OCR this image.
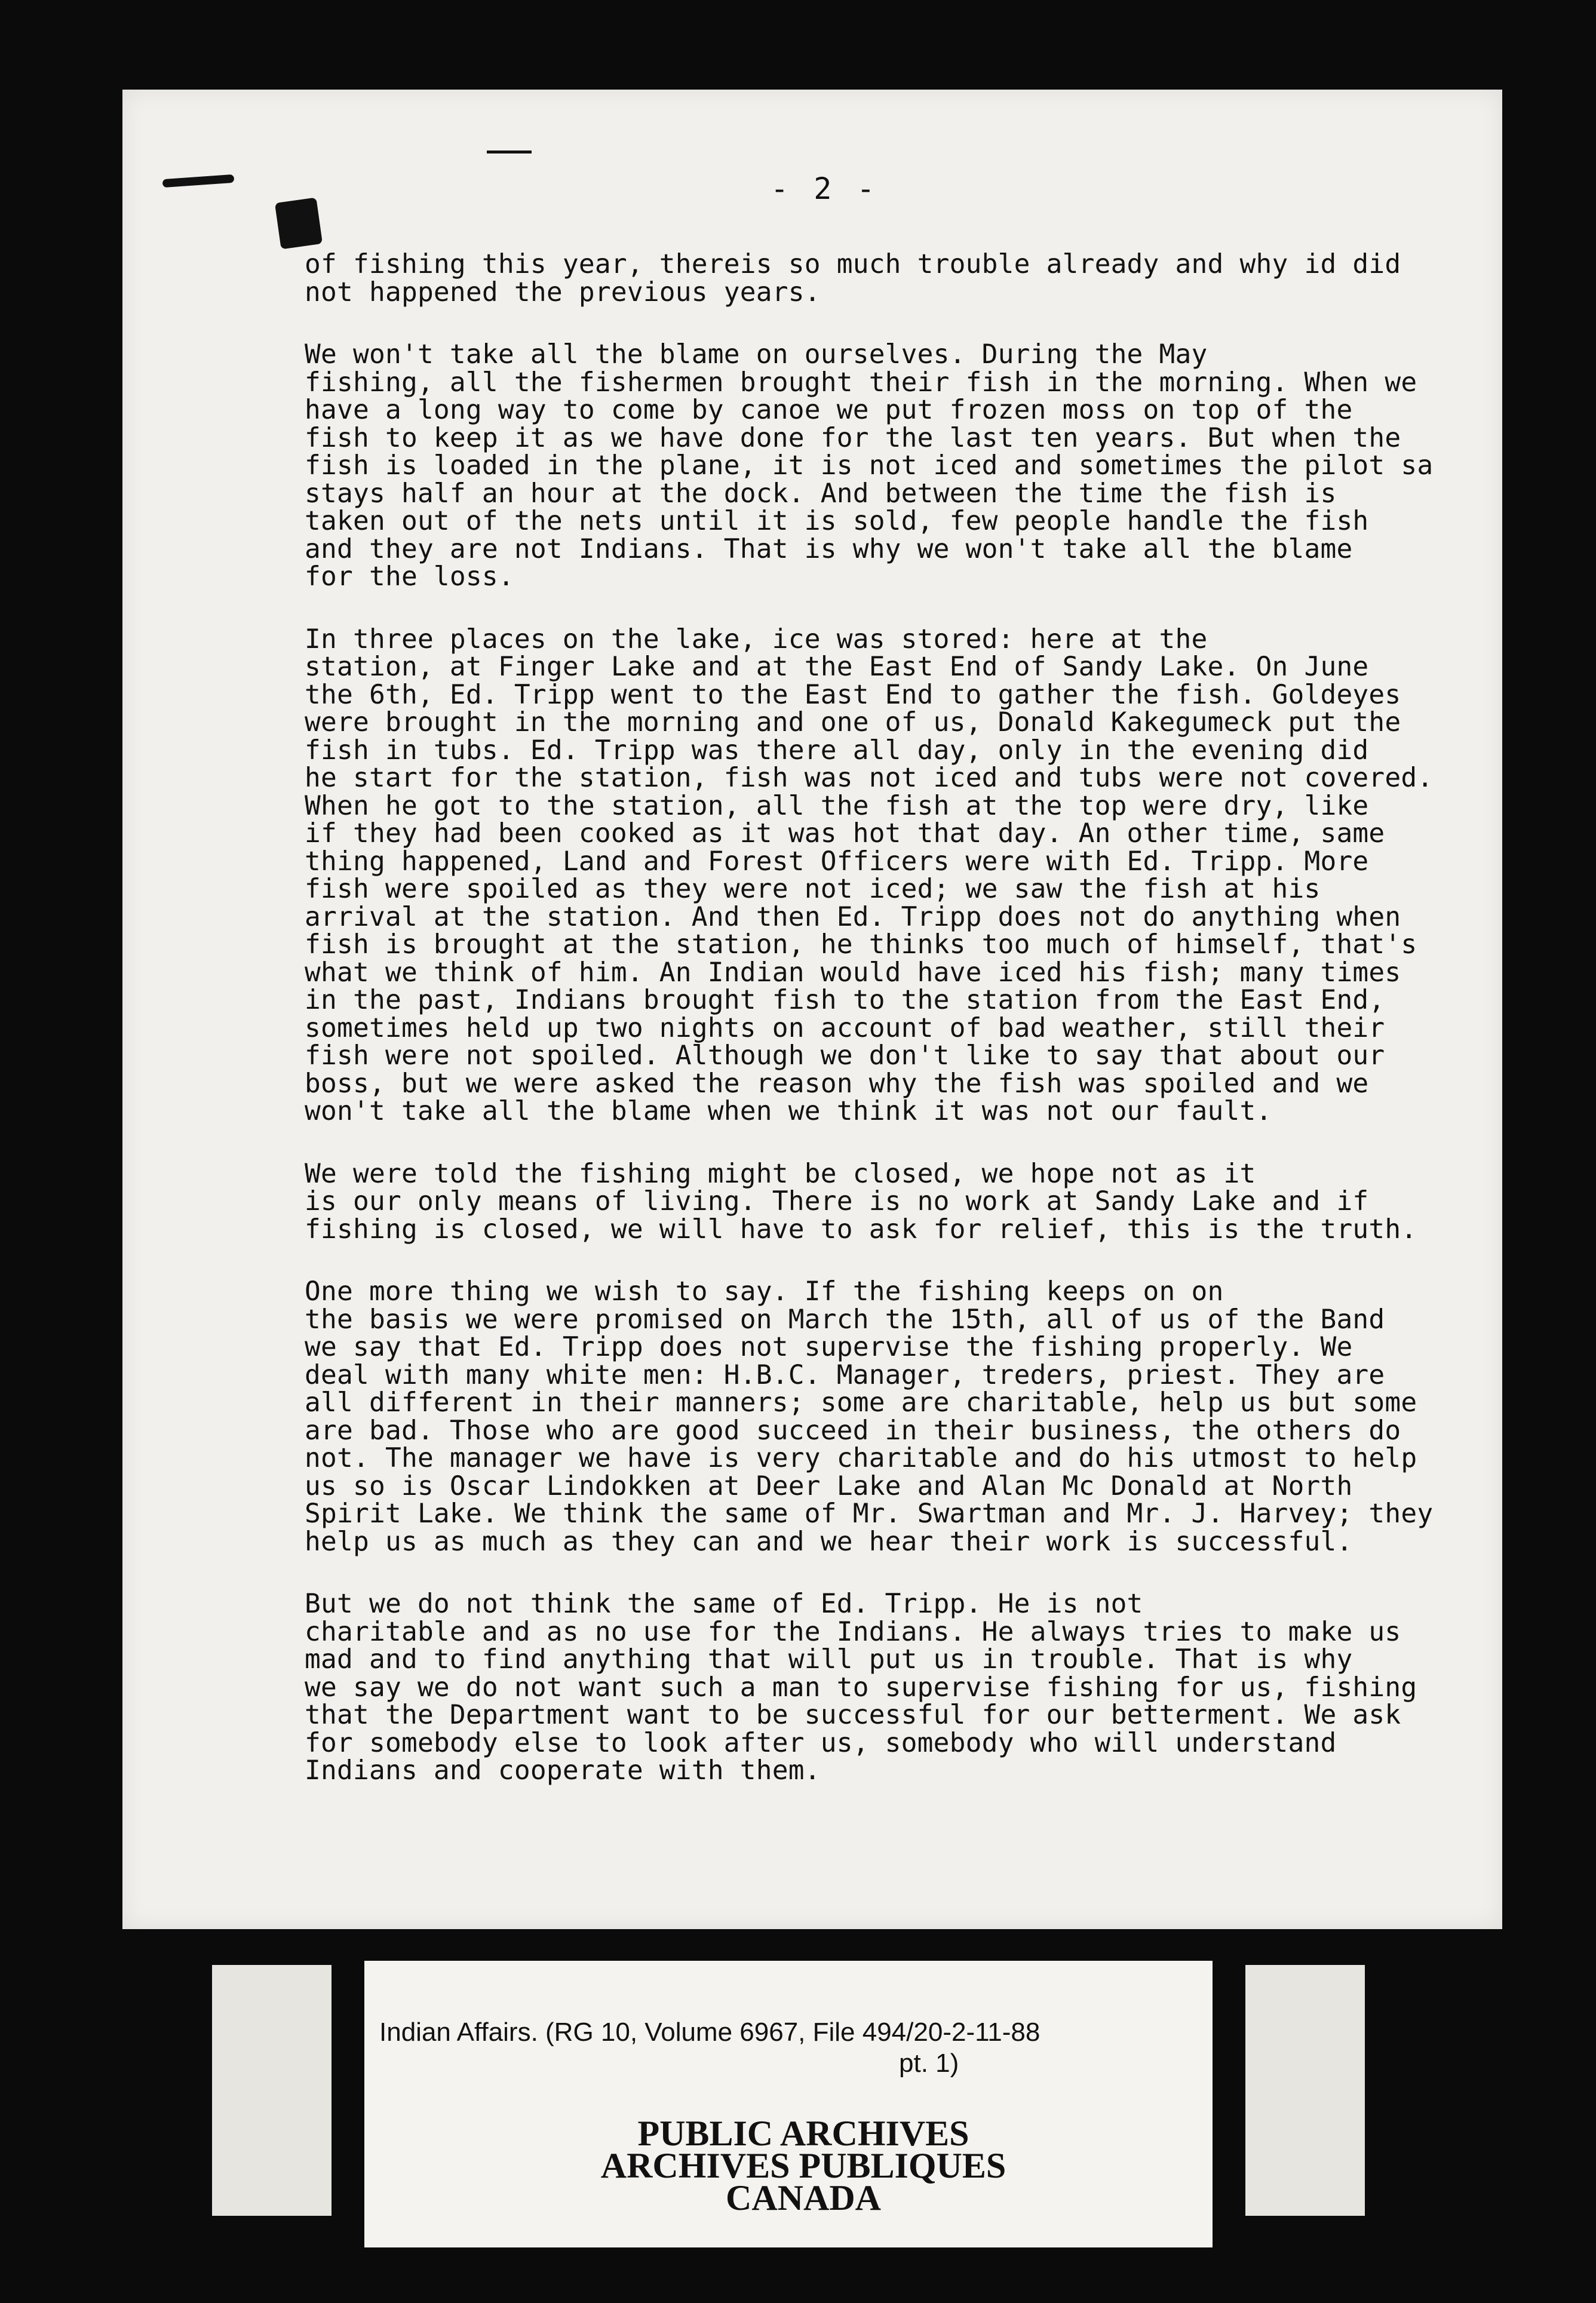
- 2 -

of fishing this year, thereis so much trouble already and why id did
not happened the previous years.

We won't take all the blame on ourselves. During the May
fishing, all the fishermen brought their fish in the morning. When we
have a long way to come by canoe we put frozen moss on top of the
fish to keep it as we have done for the last ten years. But when the
fish is loaded in the plane, it is not iced and sometimes the pilot sa
stays half an hour at the dock. And between the time the fish is
taken out of the nets until it is sold, few people handle the fish
and they are not Indians. That is why we won't take all the blame
for the loss.

In three places on the lake, ice was stored: here at the
station, at Finger Lake and at the East End of Sandy Lake. On June
the 6th, Ed. Tripp went to the East End to gather the fish. Goldeyes
were brought in the morning and one of us, Donald Kakegumeck put the
fish in tubs. Ed. Tripp was there all day, only in the evening did
he start for the station, fish was not iced and tubs were not covered.
When he got to the station, all the fish at the top were dry, like
if they had been cooked as it was hot that day. An other time, same
thing happened, Land and Forest Officers were with Ed. Tripp. More
fish were spoiled as they were not iced; we saw the fish at his
arrival at the station. And then Ed. Tripp does not do anything when
fish is brought at the station, he thinks too much of himself, that's
what we think of him. An Indian would have iced his fish; many times
in the past, Indians brought fish to the station from the East End,
sometimes held up two nights on account of bad weather, still their
fish were not spoiled. Although we don't like to say that about our
boss, but we were asked the reason why the fish was spoiled and we
won't take all the blame when we think it was not our fault.

We were told the fishing might be closed, we hope not as it
is our only means of living. There is no work at Sandy Lake and if
fishing is closed, we will have to ask for relief, this is the truth.

One more thing we wish to say. If the fishing keeps on on
the basis we were promised on March the 15th, all of us of the Band
we say that Ed. Tripp does not supervise the fishing properly. We
deal with many white men: H.B.C. Manager, treders, priest. They are
all different in their manners; some are charitable, help us but some
are bad. Those who are good succeed in their business, the others do
not. The manager we have is very charitable and do his utmost to help
us so is Oscar Lindokken at Deer Lake and Alan Mc Donald at North
Spirit Lake. We think the same of Mr. Swartman and Mr. J. Harvey; they
help us as much as they can and we hear their work is successful.

But we do not think the same of Ed. Tripp. He is not
charitable and as no use for the Indians. He always tries to make us
mad and to find anything that will put us in trouble. That is why
we say we do not want such a man to supervise fishing for us, fishing
that the Department want to be successful for our betterment. We ask
for somebody else to look after us, somebody who will understand
Indians and cooperate with them.

Indian Affairs. (RG 10, Volume 6967, File 494/20-2-11-88
pt. 1)
PUBLIC ARCHIVES
ARCHIVES PUBLIQUES
CANADA
